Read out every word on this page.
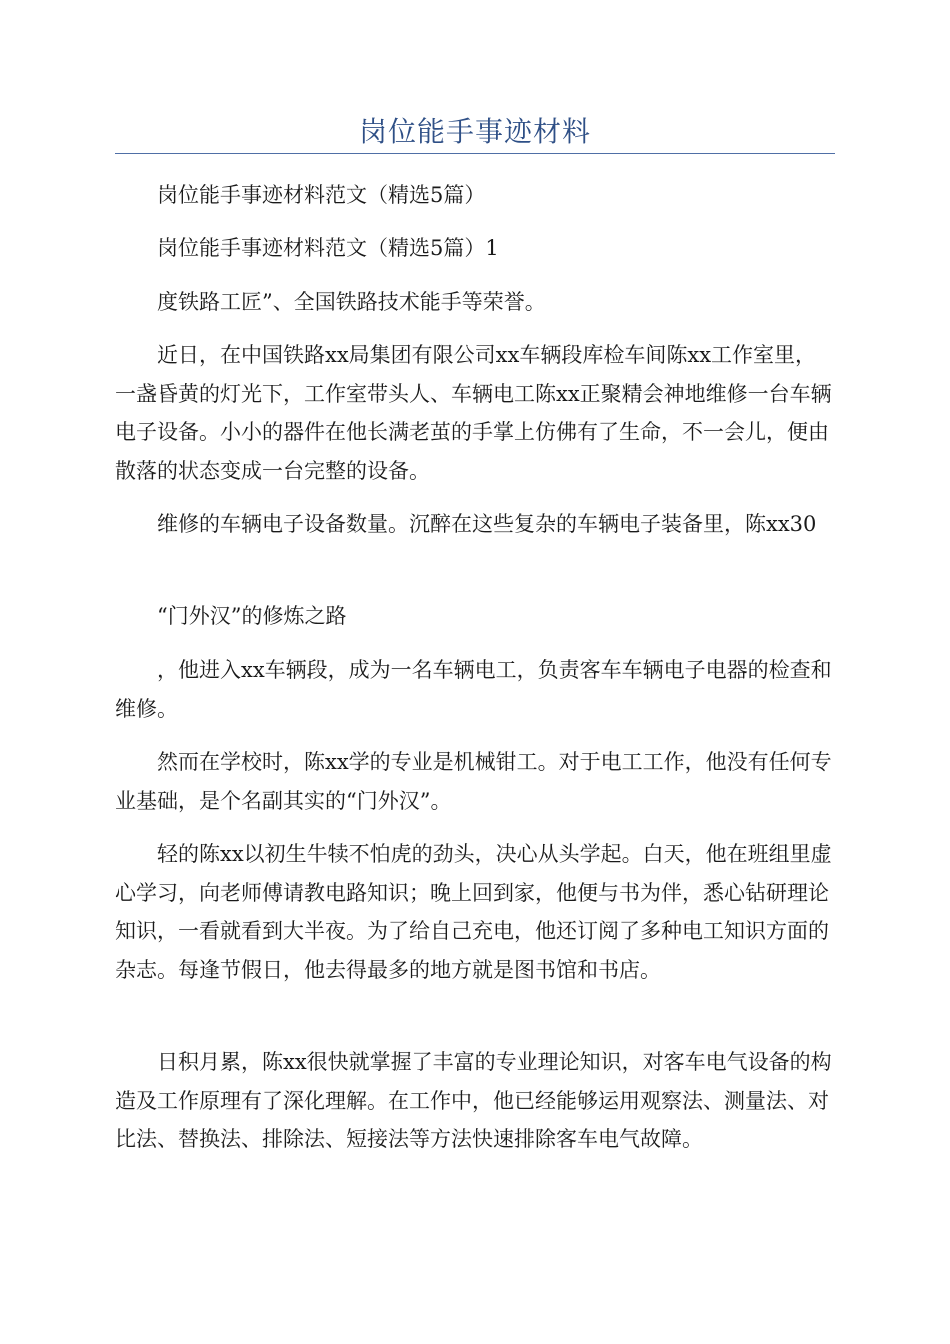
岗位能手事迹材料

岗位能手事迹材料范文（精选5篇）

岗位能手事迹材料范文（精选5篇）1

度铁路工匠”、全国铁路技术能手等荣誉。

近日，在中国铁路xx局集团有限公司xx车辆段库检车间陈xx工作室里，一盏昏黄的灯光下，工作室带头人、车辆电工陈xx正聚精会神地维修一台车辆电子设备。小小的器件在他长满老茧的手掌上仿佛有了生命，不一会儿，便由散落的状态变成一台完整的设备。

维修的车辆电子设备数量。沉醉在这些复杂的车辆电子装备里，陈xx30

“门外汉”的修炼之路

，他进入xx车辆段，成为一名车辆电工，负责客车车辆电子电器的检查和维修。

然而在学校时，陈xx学的专业是机械钳工。对于电工工作，他没有任何专业基础，是个名副其实的“门外汉”。

轻的陈xx以初生牛犊不怕虎的劲头，决心从头学起。白天，他在班组里虚心学习，向老师傅请教电路知识；晚上回到家，他便与书为伴，悉心钻研理论知识，一看就看到大半夜。为了给自己充电，他还订阅了多种电工知识方面的杂志。每逢节假日，他去得最多的地方就是图书馆和书店。

日积月累，陈xx很快就掌握了丰富的专业理论知识，对客车电气设备的构造及工作原理有了深化理解。在工作中，他已经能够运用观察法、测量法、对比法、替换法、排除法、短接法等方法快速排除客车电气故障。
